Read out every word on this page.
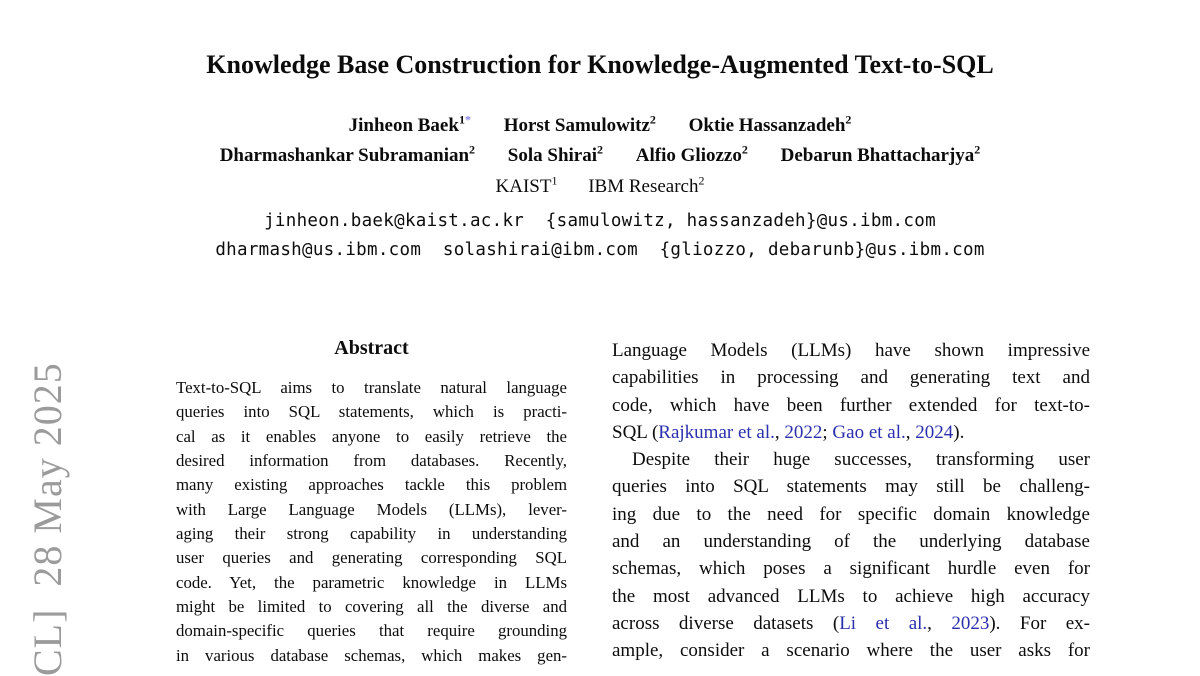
CL]  28 May 2025
Knowledge Base Construction for Knowledge-Augmented Text-to-SQL
Jinheon Baek$^{1*}$ Horst Samulowitz$^2$ Oktie Hassanzadeh$^2$
Dharmashankar Subramanian$^2$ Sola Shirai$^2$ Alfio Gliozzo$^2$ Debarun Bhattacharjya$^2$
KAIST$^1$ IBM Research$^2$
jinheon.baek@kaist.ac.kr  {samulowitz, hassanzadeh}@us.ibm.com
dharmash@us.ibm.com  solashirai@ibm.com  {gliozzo, debarunb}@us.ibm.com
Abstract
Text-to-SQL aims to translate natural language
queries into SQL statements, which is practi-
cal as it enables anyone to easily retrieve the
desired information from databases. Recently,
many existing approaches tackle this problem
with Large Language Models (LLMs), lever-
aging their strong capability in understanding
user queries and generating corresponding SQL
code. Yet, the parametric knowledge in LLMs
might be limited to covering all the diverse and
domain-specific queries that require grounding
in various database schemas, which makes gen-
Language Models (LLMs) have shown impressive
capabilities in processing and generating text and
code, which have been further extended for text-to-
SQL (Rajkumar et al., 2022; Gao et al., 2024).
Despite their huge successes, transforming user
queries into SQL statements may still be challeng-
ing due to the need for specific domain knowledge
and an understanding of the underlying database
schemas, which poses a significant hurdle even for
the most advanced LLMs to achieve high accuracy
across diverse datasets (Li et al., 2023). For ex-
ample, consider a scenario where the user asks for
